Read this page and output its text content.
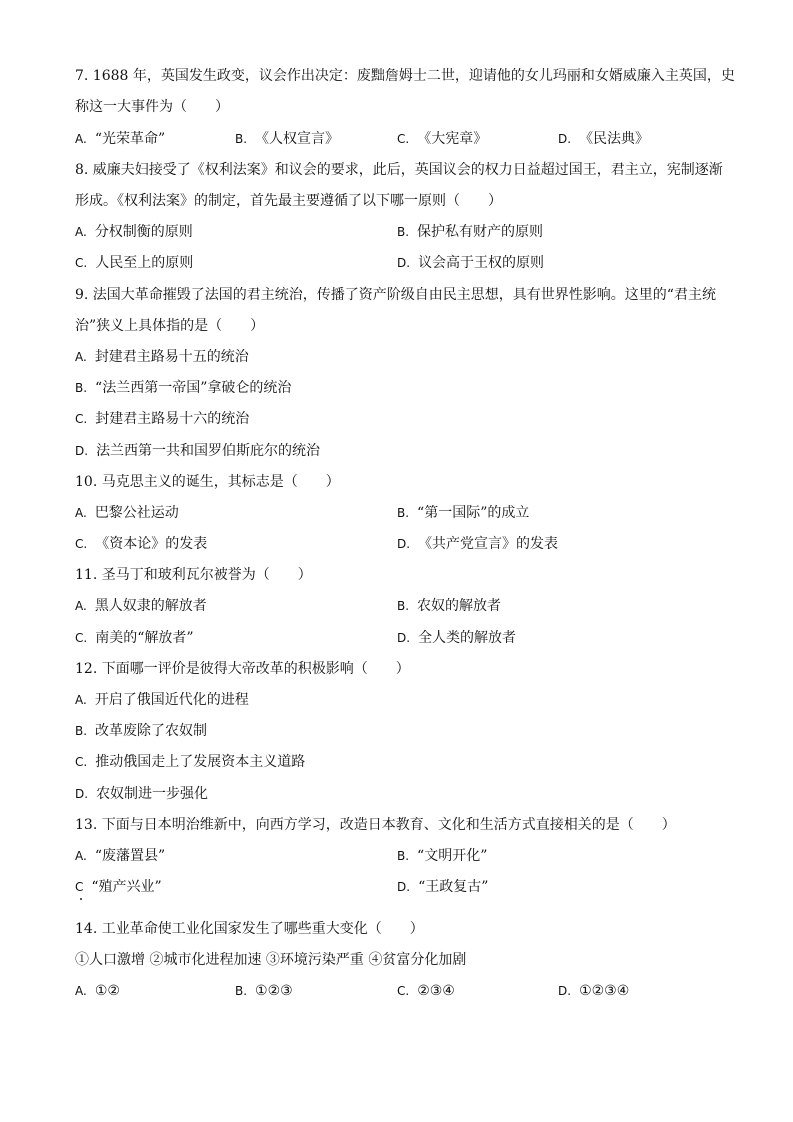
7. 1688 年，英国发生政变，议会作出决定：废黜詹姆士二世，迎请他的女儿玛丽和女婿威廉入主英国，史
称这一大事件为（　　）
A. “光荣革命”	B. 《人权宣言》	C. 《大宪章》	D. 《民法典》
8. 威廉夫妇接受了《权利法案》和议会的要求，此后，英国议会的权力日益超过国王，君主立，宪制逐渐
形成。《权利法案》的制定，首先最主要遵循了以下哪一原则（　　）
A. 分权制衡的原则	B. 保护私有财产的原则
C. 人民至上的原则	D. 议会高于王权的原则
9. 法国大革命摧毁了法国的君主统治，传播了资产阶级自由民主思想，具有世界性影响。这里的“君主统
治”狭义上具体指的是（　　）
A. 封建君主路易十五的统治
B. “法兰西第一帝国”拿破仑的统治
C. 封建君主路易十六的统治
D. 法兰西第一共和国罗伯斯庇尔的统治
10. 马克思主义的诞生，其标志是（　　）
A. 巴黎公社运动	B. “第一国际”的成立
C. 《资本论》的发表	D. 《共产党宣言》的发表
11. 圣马丁和玻利瓦尔被誉为（　　）
A. 黑人奴隶的解放者	B. 农奴的解放者
C. 南美的“解放者”	D. 全人类的解放者
12. 下面哪一评价是彼得大帝改革的积极影响（　　）
A. 开启了俄国近代化的进程
B. 改革废除了农奴制
C. 推动俄国走上了发展资本主义道路
D. 农奴制进一步强化
13. 下面与日本明治维新中，向西方学习，改造日本教育、文化和生活方式直接相关的是（　　）
A. “废藩置县”	B. “文明开化”
C “殖产兴业”	D. “王政复古”
14. 工业革命使工业化国家发生了哪些重大变化（　　）
①人口激增 ②城市化进程加速 ③环境污染严重 ④贫富分化加剧
A. ①②	B. ①②③	C. ②③④	D. ①②③④
